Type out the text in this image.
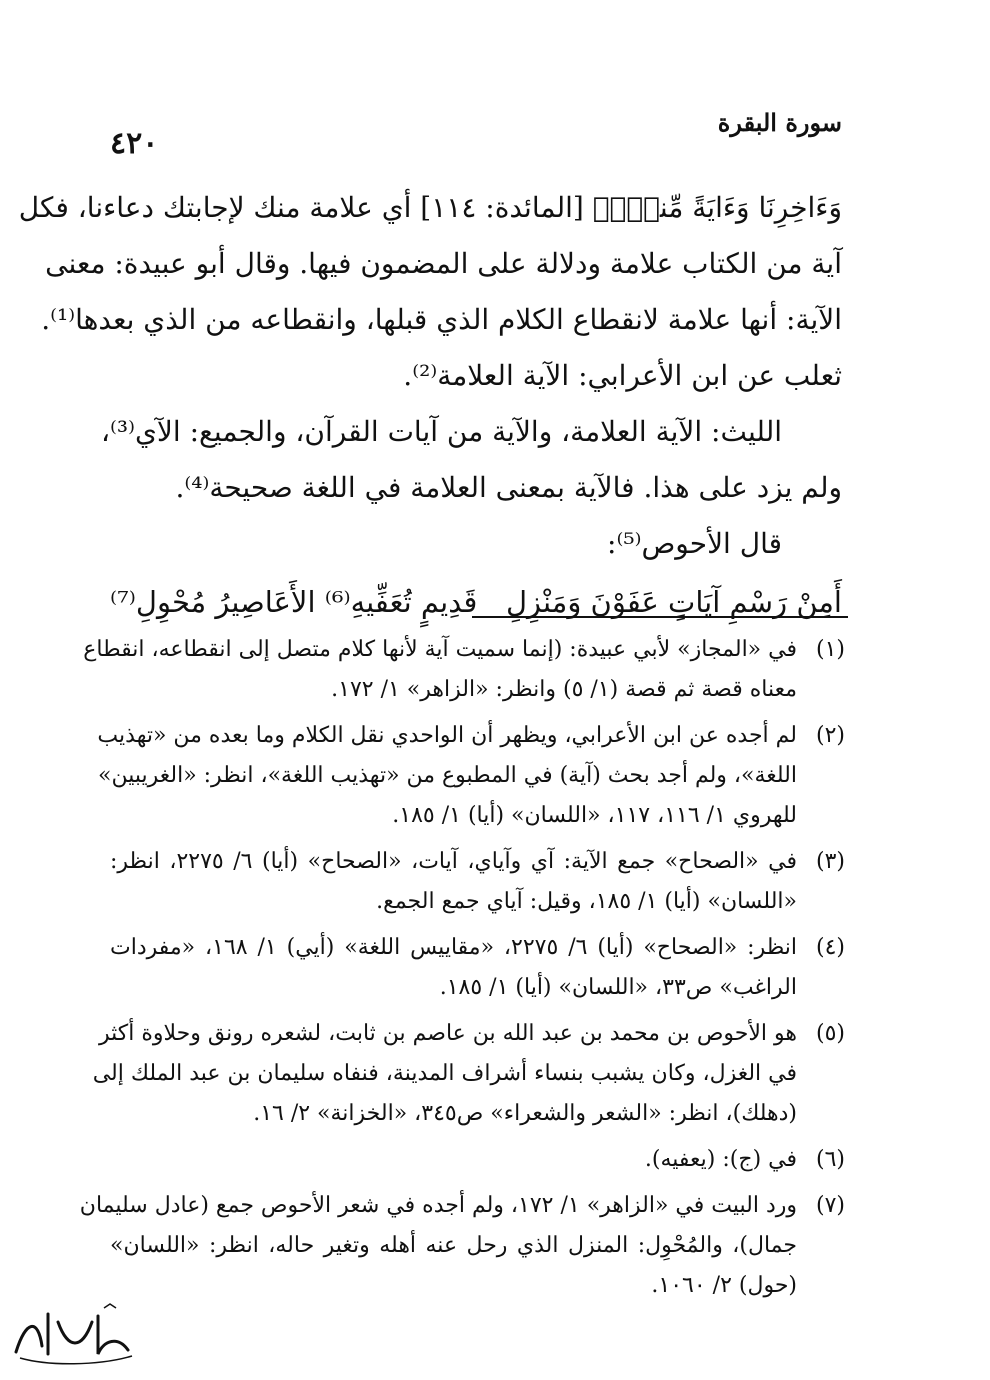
سورة البقرة
٤٢٠
وَءَاخِرِنَا وَءَايَةً مِّنكَۖ﴾ [المائدة: ١١٤] أي علامة منك لإجابتك دعاءنا، فكل
آية من الكتاب علامة ودلالة على المضمون فيها. وقال أبو عبيدة: معنى
الآية: أنها علامة لانقطاع الكلام الذي قبلها، وانقطاعه من الذي بعدها⁽¹⁾.
ثعلب عن ابن الأعرابي: الآية العلامة⁽²⁾.
الليث: الآية العلامة، والآية من آيات القرآن، والجميع: الآي⁽³⁾،
ولم يزد على هذا. فالآية بمعنى العلامة في اللغة صحيحة⁽⁴⁾.
قال الأحوص⁽⁵⁾:
أَمِنْ رَسْمِ آيَاتٍ عَفَوْنَ وَمَنْزِلِ
قَدِيمٍ تُعَفِّيهِ⁽⁶⁾ الأَعَاصِيرُ مُحْوِلِ⁽⁷⁾
(١)
في «المجاز» لأبي عبيدة: (إنما سميت آية لأنها كلام متصل إلى انقطاعه، انقطاع
معناه قصة ثم قصة (١/ ٥) وانظر: «الزاهر» ١/ ١٧٢.
(٢)
لم أجده عن ابن الأعرابي، ويظهر أن الواحدي نقل الكلام وما بعده من «تهذيب
اللغة»، ولم أجد بحث (آية) في المطبوع من «تهذيب اللغة»، انظر: «الغريبين»
للهروي ١/ ١١٦، ١١٧، «اللسان» (أيا) ١/ ١٨٥.
(٣)
في «الصحاح» جمع الآية: آي وآياي، آيات، «الصحاح» (أيا) ٦/ ٢٢٧٥، انظر:
«اللسان» (أيا) ١/ ١٨٥، وقيل: آياي جمع الجمع.
(٤)
انظر: «الصحاح» (أيا) ٦/ ٢٢٧٥، «مقاييس اللغة» (أيي) ١/ ١٦٨، «مفردات
الراغب» ص٣٣، «اللسان» (أيا) ١/ ١٨٥.
(٥)
هو الأحوص بن محمد بن عبد الله بن عاصم بن ثابت، لشعره رونق وحلاوة أكثر
في الغزل، وكان يشبب بنساء أشراف المدينة، فنفاه سليمان بن عبد الملك إلى
(دهلك)، انظر: «الشعر والشعراء» ص٣٤٥، «الخزانة» ٢/ ١٦.
(٦)
في (ج): (يعفيه).
(٧)
ورد البيت في «الزاهر» ١/ ١٧٢، ولم أجده في شعر الأحوص جمع (عادل سليمان
جمال)، والمُحْوِل: المنزل الذي رحل عنه أهله وتغير حاله، انظر: «اللسان»
(حول) ٢/ ١٠٦٠.
